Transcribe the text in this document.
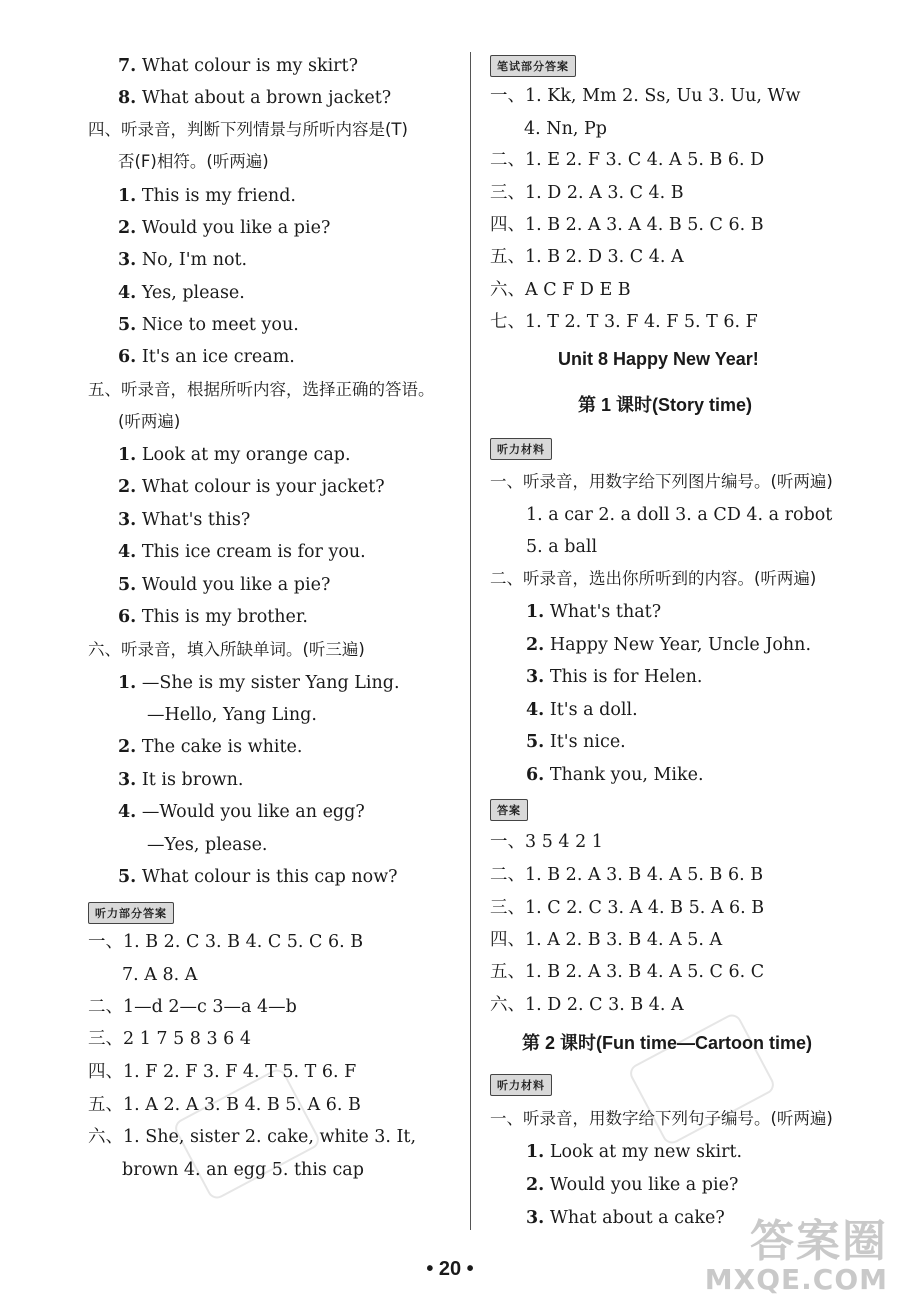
7. What colour is my skirt?
8. What about a brown jacket?
四、听录音，判断下列情景与所听内容是(T)
否(F)相符。(听两遍)
1. This is my friend.
2. Would you like a pie?
3. No, I'm not.
4. Yes, please.
5. Nice to meet you.
6. It's an ice cream.
五、听录音，根据所听内容，选择正确的答语。
(听两遍)
1. Look at my orange cap.
2. What colour is your jacket?
3. What's this?
4. This ice cream is for you.
5. Would you like a pie?
6. This is my brother.
六、听录音，填入所缺单词。(听三遍)
1. —She is my sister Yang Ling.
—Hello, Yang Ling.
2. The cake is white.
3. It is brown.
4. —Would you like an egg?
—Yes, please.
5. What colour is this cap now?
听力部分答案
一、1. B 2. C 3. B 4. C 5. C 6. B
7. A 8. A
二、1—d 2—c 3—a 4—b
三、2 1 7 5 8 3 6 4
四、1. F 2. F 3. F 4. T 5. T 6. F
五、1. A 2. A 3. B 4. B 5. A 6. B
六、1. She, sister 2. cake, white 3. It,
brown 4. an egg 5. this cap
笔试部分答案
一、1. Kk, Mm 2. Ss, Uu 3. Uu, Ww
4. Nn, Pp
二、1. E 2. F 3. C 4. A 5. B 6. D
三、1. D 2. A 3. C 4. B
四、1. B 2. A 3. A 4. B 5. C 6. B
五、1. B 2. D 3. C 4. A
六、A C F D E B
七、1. T 2. T 3. F 4. F 5. T 6. F
Unit 8 Happy New Year!
第 1 课时(Story time)
听力材料
一、听录音，用数字给下列图片编号。(听两遍)
1. a car 2. a doll 3. a CD 4. a robot
5. a ball
二、听录音，选出你所听到的内容。(听两遍)
1. What's that?
2. Happy New Year, Uncle John.
3. This is for Helen.
4. It's a doll.
5. It's nice.
6. Thank you, Mike.
答案
一、3 5 4 2 1
二、1. B 2. A 3. B 4. A 5. B 6. B
三、1. C 2. C 3. A 4. B 5. A 6. B
四、1. A 2. B 3. B 4. A 5. A
五、1. B 2. A 3. B 4. A 5. C 6. C
六、1. D 2. C 3. B 4. A
第 2 课时(Fun time—Cartoon time)
听力材料
一、听录音，用数字给下列句子编号。(听两遍)
1. Look at my new skirt.
2. Would you like a pie?
3. What about a cake?
• 20 •
答案圈
MXQE.COM
